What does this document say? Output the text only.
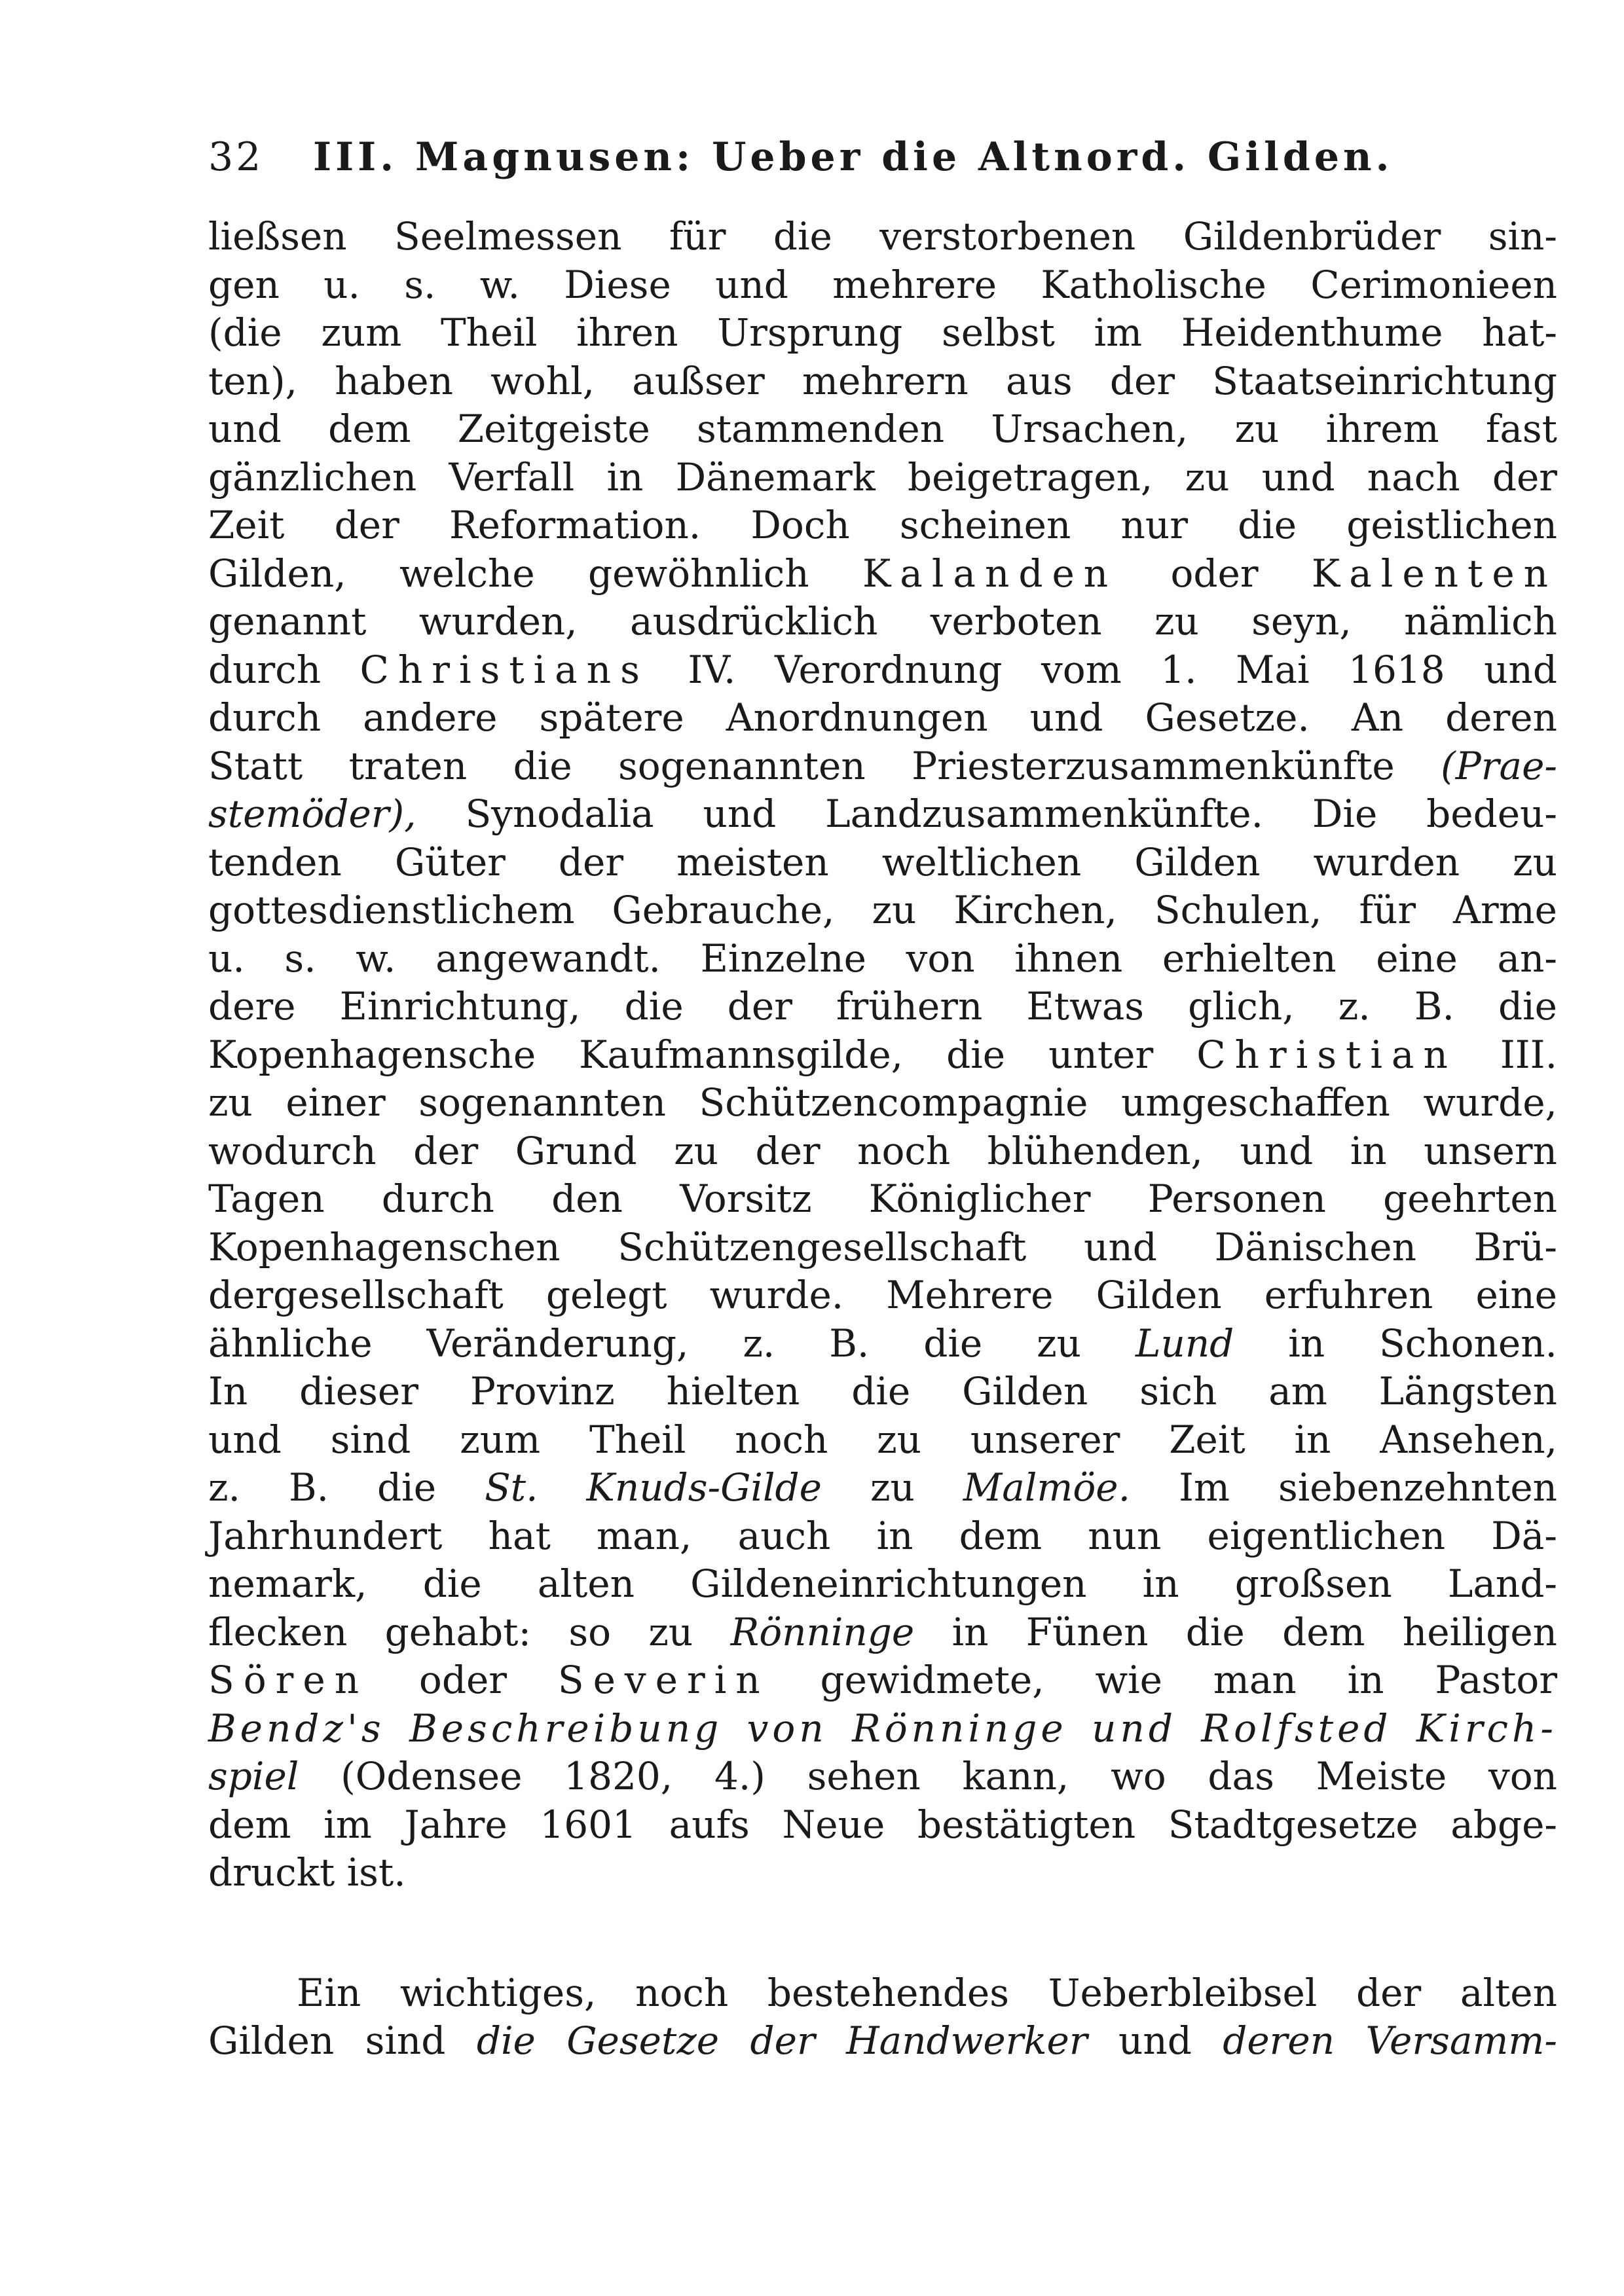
32 III. Magnusen: Ueber die Altnord. Gilden.
ließsen Seelmessen für die verstorbenen Gildenbrüder sin-
gen u. s. w. Diese und mehrere Katholische Cerimonieen
(die zum Theil ihren Ursprung selbst im Heidenthume hat-
ten), haben wohl, außser mehrern aus der Staatseinrichtung
und dem Zeitgeiste stammenden Ursachen, zu ihrem fast
gänzlichen Verfall in Dänemark beigetragen, zu und nach der
Zeit der Reformation. Doch scheinen nur die geistlichen
Gilden, welche gewöhnlich Kalanden oder Kalenten
genannt wurden, ausdrücklich verboten zu seyn, nämlich
durch Christians IV. Verordnung vom 1. Mai 1618 und
durch andere spätere Anordnungen und Gesetze. An deren
Statt traten die sogenannten Priesterzusammenkünfte (Prae-
stemöder), Synodalia und Landzusammenkünfte. Die bedeu-
tenden Güter der meisten weltlichen Gilden wurden zu
gottesdienstlichem Gebrauche, zu Kirchen, Schulen, für Arme
u. s. w. angewandt. Einzelne von ihnen erhielten eine an-
dere Einrichtung, die der frühern Etwas glich, z. B. die
Kopenhagensche Kaufmannsgilde, die unter Christian III.
zu einer sogenannten Schützencompagnie umgeschaffen wurde,
wodurch der Grund zu der noch blühenden, und in unsern
Tagen durch den Vorsitz Königlicher Personen geehrten
Kopenhagenschen Schützengesellschaft und Dänischen Brü-
dergesellschaft gelegt wurde. Mehrere Gilden erfuhren eine
ähnliche Veränderung, z. B. die zu Lund in Schonen.
In dieser Provinz hielten die Gilden sich am Längsten
und sind zum Theil noch zu unserer Zeit in Ansehen,
z. B. die St. Knuds-Gilde zu Malmöe. Im siebenzehnten
Jahrhundert hat man, auch in dem nun eigentlichen Dä-
nemark, die alten Gildeneinrichtungen in großsen Land-
flecken gehabt: so zu Rönninge in Fünen die dem heiligen
Sören oder Severin gewidmete, wie man in Pastor
Bendz's Beschreibung von Rönninge und Rolfsted Kirch-
spiel (Odensee 1820, 4.) sehen kann, wo das Meiste von
dem im Jahre 1601 aufs Neue bestätigten Stadtgesetze abge-
druckt ist.
Ein wichtiges, noch bestehendes Ueberbleibsel der alten
Gilden sind die Gesetze der Handwerker und deren Versamm-
